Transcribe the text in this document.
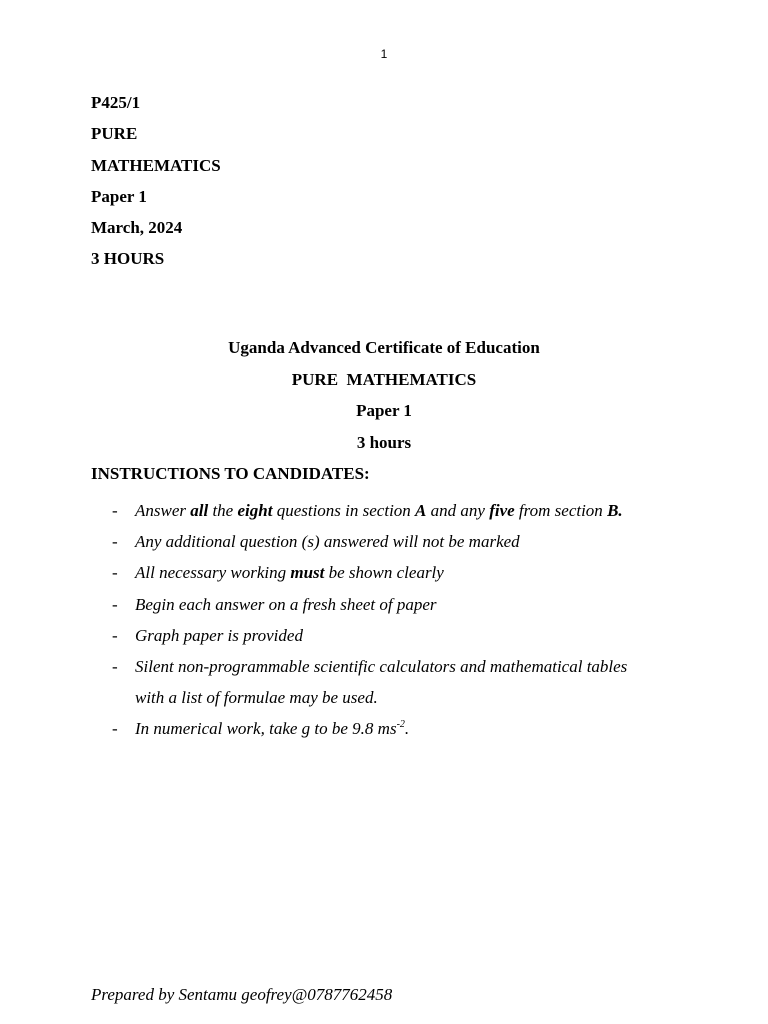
1
P425/1
PURE
MATHEMATICS
Paper 1
March, 2024
3 HOURS
Uganda Advanced Certificate of Education
PURE  MATHEMATICS
Paper 1
3 hours
INSTRUCTIONS TO CANDIDATES:
- Answer all the eight questions in section A and any five from section B.
- Any additional question (s) answered will not be marked
- All necessary working must be shown clearly
- Begin each answer on a fresh sheet of paper
- Graph paper is provided
- Silent non-programmable scientific calculators and mathematical tables
with a list of formulae may be used.
- In numerical work, take g to be 9.8 $ms^{-2}$.
Prepared by Sentamu geofrey@0787762458
